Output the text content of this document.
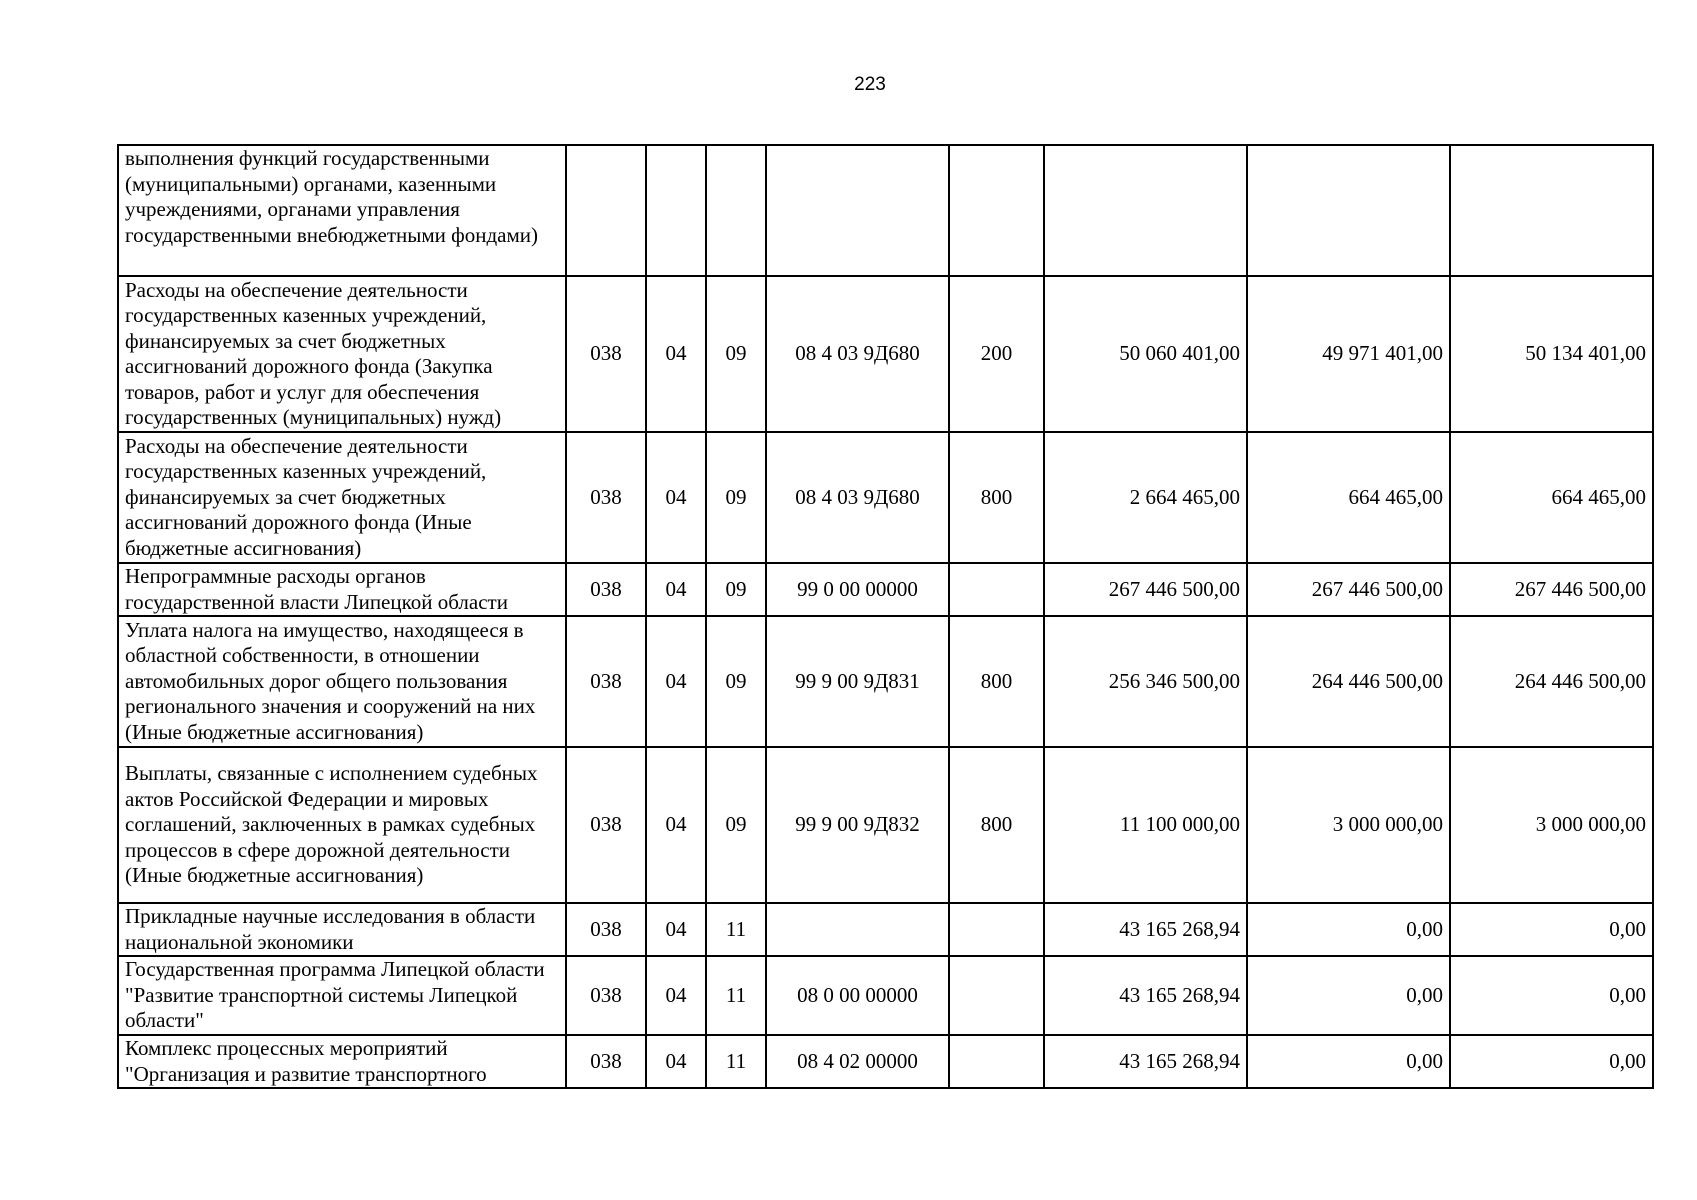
223
выполнения функций государственными (муниципальными) органами, казенными учреждениями, органами управления государственными внебюджетными фондами)								
Расходы на обеспечение деятельности государственных казенных учреждений, финансируемых за счет бюджетных ассигнований дорожного фонда (Закупка товаров, работ и услуг для обеспечения государственных (муниципальных) нужд)	038	04	09	08 4 03 9Д680	200	50 060 401,00	49 971 401,00	50 134 401,00
Расходы на обеспечение деятельности государственных казенных учреждений, финансируемых за счет бюджетных ассигнований дорожного фонда (Иные бюджетные ассигнования)	038	04	09	08 4 03 9Д680	800	2 664 465,00	664 465,00	664 465,00
Непрограммные расходы органов государственной власти Липецкой области	038	04	09	99 0 00 00000		267 446 500,00	267 446 500,00	267 446 500,00
Уплата налога на имущество, находящееся в областной собственности, в отношении автомобильных дорог общего пользования регионального значения и сооружений на них (Иные бюджетные ассигнования)	038	04	09	99 9 00 9Д831	800	256 346 500,00	264 446 500,00	264 446 500,00
Выплаты, связанные с исполнением судебных актов Российской Федерации и мировых соглашений, заключенных в рамках судебных процессов в сфере дорожной деятельности (Иные бюджетные ассигнования)	038	04	09	99 9 00 9Д832	800	11 100 000,00	3 000 000,00	3 000 000,00
Прикладные научные исследования в области национальной экономики	038	04	11			43 165 268,94	0,00	0,00
Государственная программа Липецкой области "Развитие транспортной системы Липецкой области"	038	04	11	08 0 00 00000		43 165 268,94	0,00	0,00
Комплекс процессных мероприятий "Организация и развитие транспортного	038	04	11	08 4 02 00000		43 165 268,94	0,00	0,00
